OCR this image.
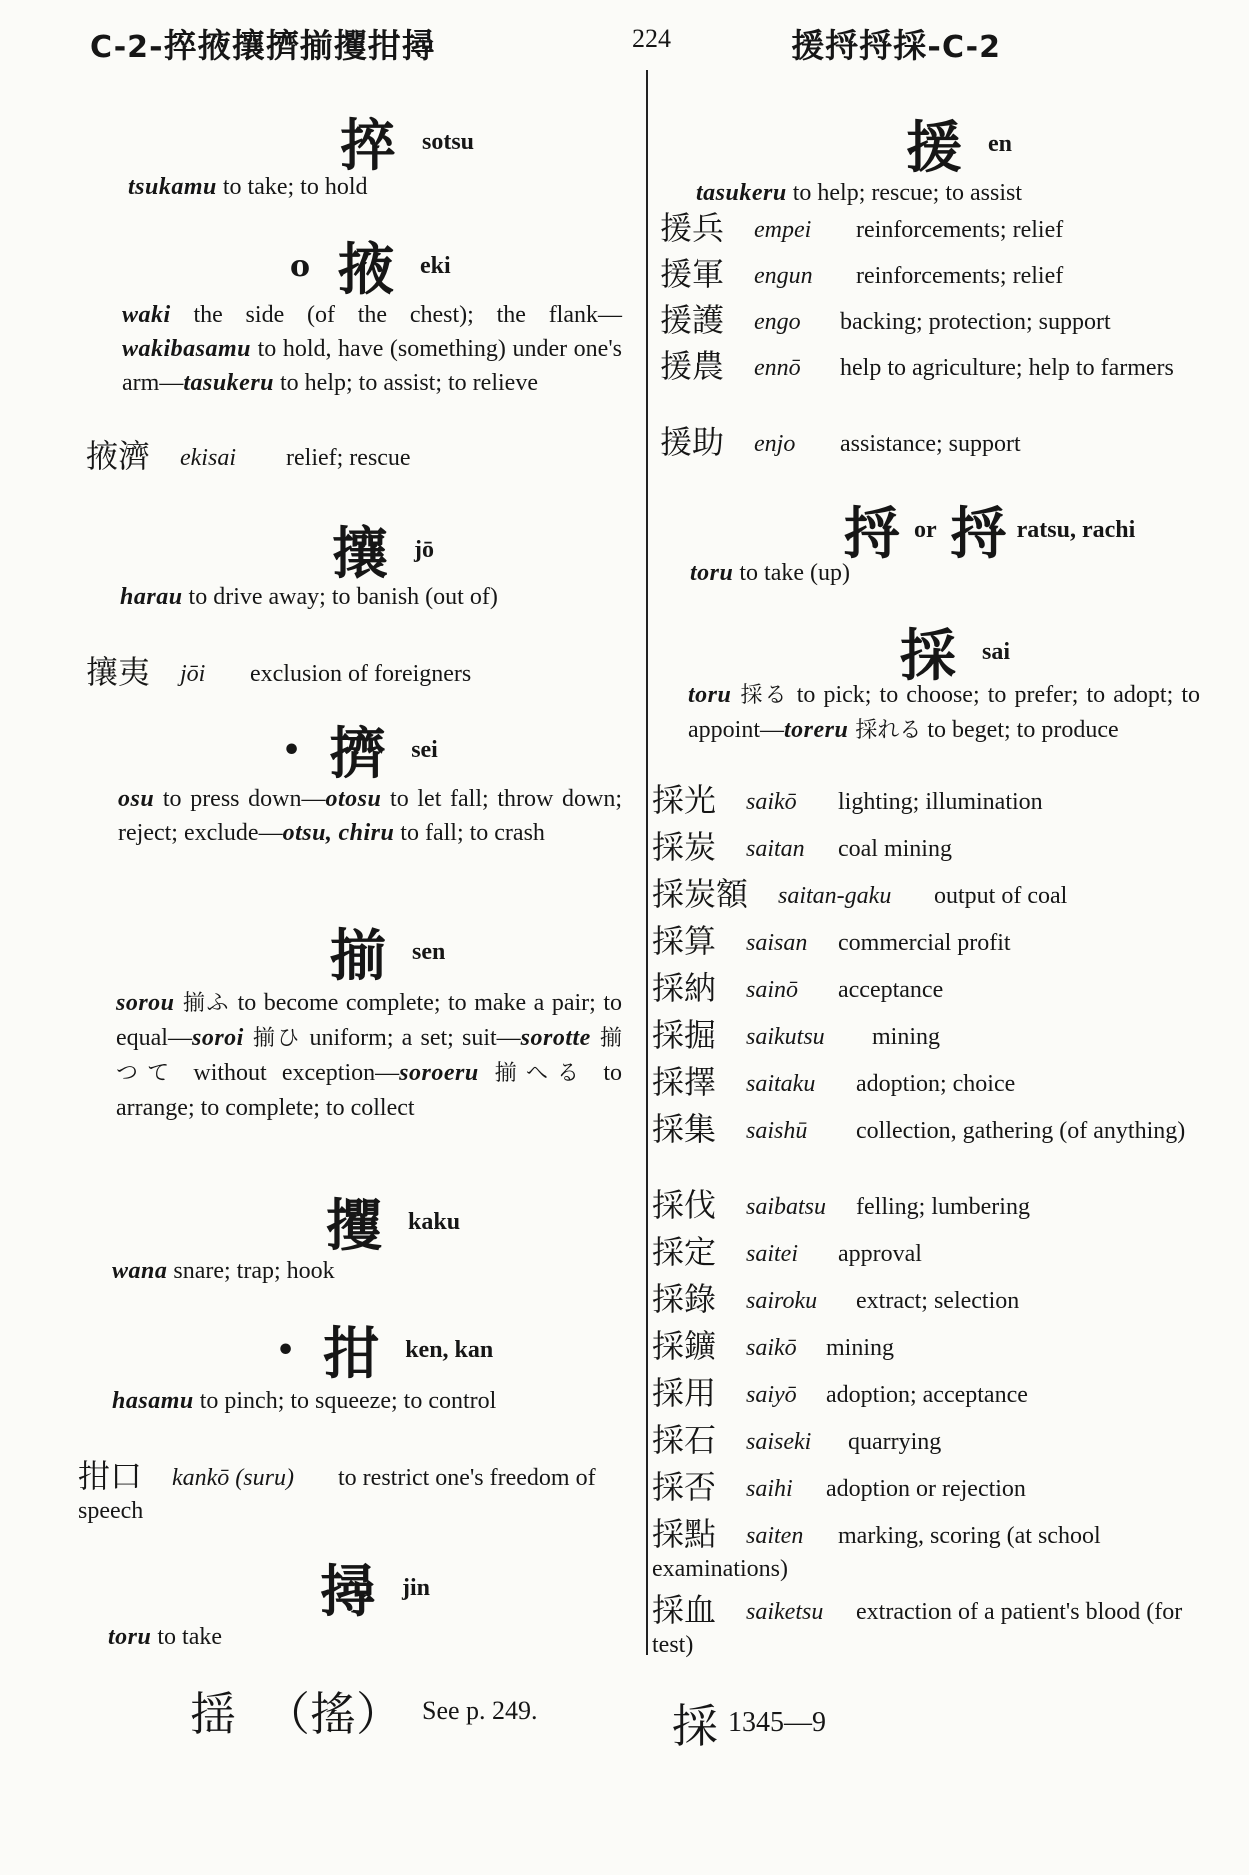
C-2-捽掖攘擠揃攫拑撏	224	援捋捋採-C-2
捽 sotsu
tsukamu to take; to hold
o 掖 eki
waki the side (of the chest); the flank—wakibasamu to hold, have (something) under one's arm—tasukeru to help; to assist; to relieve
掖濟 ekisai relief; rescue
攘 jō
harau to drive away; to banish (out of)
攘夷 jōi exclusion of foreigners
• 擠 sei
osu to press down—otosu to let fall; throw down; reject; exclude—otsu, chiru to fall; to crash
揃 sen
sorou 揃ふ to become complete; to make a pair; to equal—soroi 揃ひ uniform; a set; suit—sorotte 揃つて without exception—soroeru 揃へる to arrange; to complete; to collect
攫 kaku
wana snare; trap; hook
• 拑 ken, kan
hasamu to pinch; to squeeze; to control
拑口 kankō (suru) to restrict one's freedom of speech
撏 jin
toru to take
揺 （搖） See p. 249.
援 en
tasukeru to help; rescue; to assist
援兵 empei reinforcements; relief
援軍 engun reinforcements; relief
援護 engo backing; protection; support
援農 ennō help to agriculture; help to farmers
援助 enjo assistance; support
捋or 捋 ratsu, rachi
toru to take (up)
採 sai
toru 採る to pick; to choose; to prefer; to adopt; to appoint—toreru 採れる to beget; to produce
採光 saikō lighting; illumination
採炭 saitan coal mining
採炭額 saitan-gaku output of coal
採算 saisan commercial profit
採納 sainō acceptance
採掘 saikutsu mining
採擇 saitaku adoption; choice
採集 saishū collection, gathering (of anything)
採伐 saibatsu felling; lumbering
採定 saitei approval
採錄 sairoku extract; selection
採鑛 saikō mining
採用 saiyō adoption; acceptance
採石 saiseki quarrying
採否 saihi adoption or rejection
採點 saiten marking, scoring (at school examinations)
採血 saiketsu extraction of a patient's blood (for test)
採 1345—9
